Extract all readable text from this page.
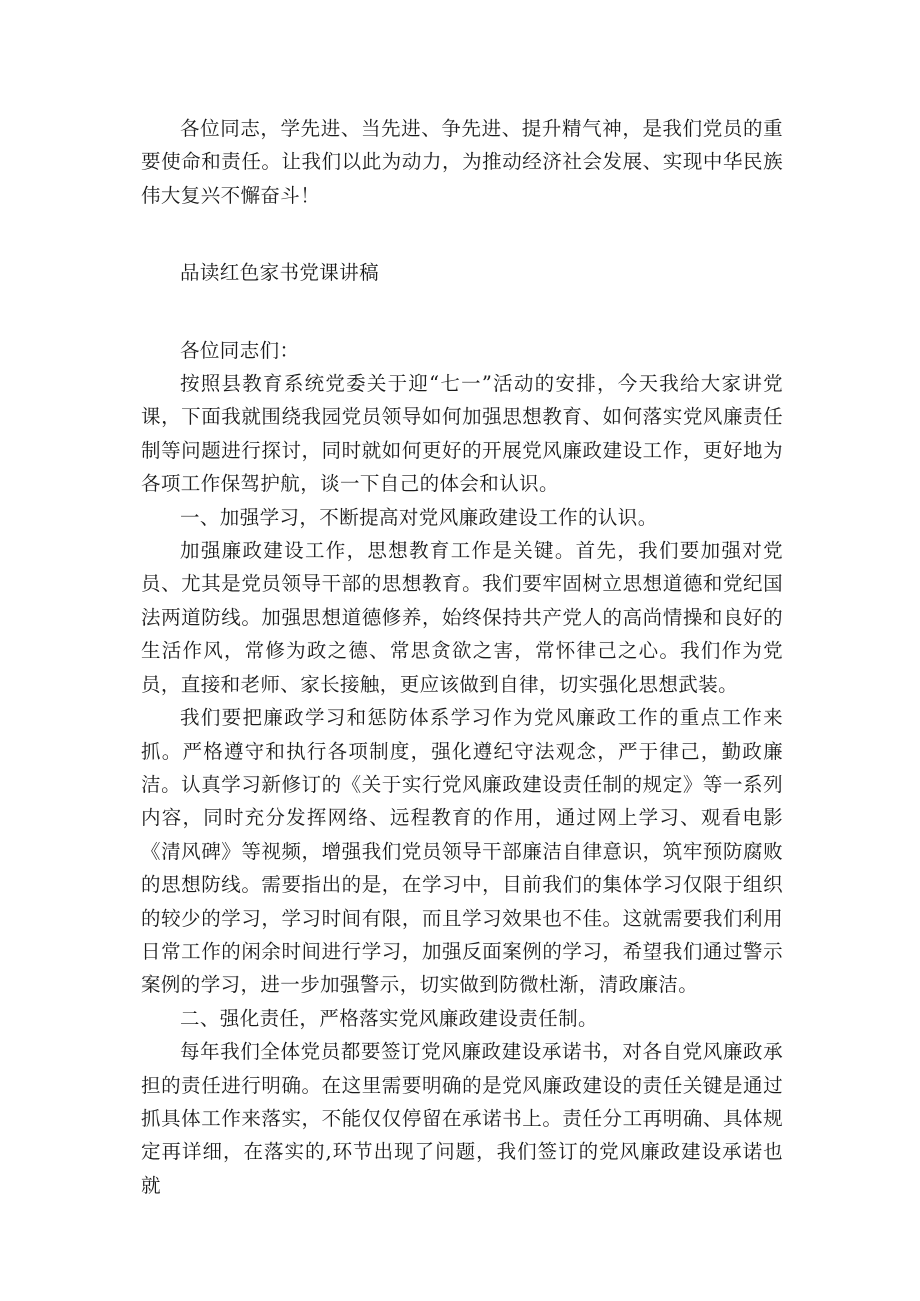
各位同志，学先进、当先进、争先进、提升精气神，是我们党员的重要使命和责任。让我们以此为动力，为推动经济社会发展、实现中华民族伟大复兴不懈奋斗！

品读红色家书党课讲稿

各位同志们：

按照县教育系统党委关于迎“七一”活动的安排，今天我给大家讲党课，下面我就围绕我园党员领导如何加强思想教育、如何落实党风廉责任制等问题进行探讨，同时就如何更好的开展党风廉政建设工作，更好地为各项工作保驾护航，谈一下自己的体会和认识。

一、加强学习，不断提高对党风廉政建设工作的认识。

加强廉政建设工作，思想教育工作是关键。首先，我们要加强对党员、尤其是党员领导干部的思想教育。我们要牢固树立思想道德和党纪国法两道防线。加强思想道德修养，始终保持共产党人的高尚情操和良好的生活作风，常修为政之德、常思贪欲之害，常怀律己之心。我们作为党员，直接和老师、家长接触，更应该做到自律，切实强化思想武装。

我们要把廉政学习和惩防体系学习作为党风廉政工作的重点工作来抓。严格遵守和执行各项制度，强化遵纪守法观念，严于律己，勤政廉洁。认真学习新修订的《关于实行党风廉政建设责任制的规定》等一系列内容，同时充分发挥网络、远程教育的作用，通过网上学习、观看电影《清风碑》等视频，增强我们党员领导干部廉洁自律意识，筑牢预防腐败的思想防线。需要指出的是，在学习中，目前我们的集体学习仅限于组织的较少的学习，学习时间有限，而且学习效果也不佳。这就需要我们利用日常工作的闲余时间进行学习，加强反面案例的学习，希望我们通过警示案例的学习，进一步加强警示，切实做到防微杜渐，清政廉洁。

二、强化责任，严格落实党风廉政建设责任制。

每年我们全体党员都要签订党风廉政建设承诺书，对各自党风廉政承担的责任进行明确。在这里需要明确的是党风廉政建设的责任关键是通过抓具体工作来落实，不能仅仅停留在承诺书上。责任分工再明确、具体规定再详细，在落实的,环节出现了问题，我们签订的党风廉政建设承诺也就
